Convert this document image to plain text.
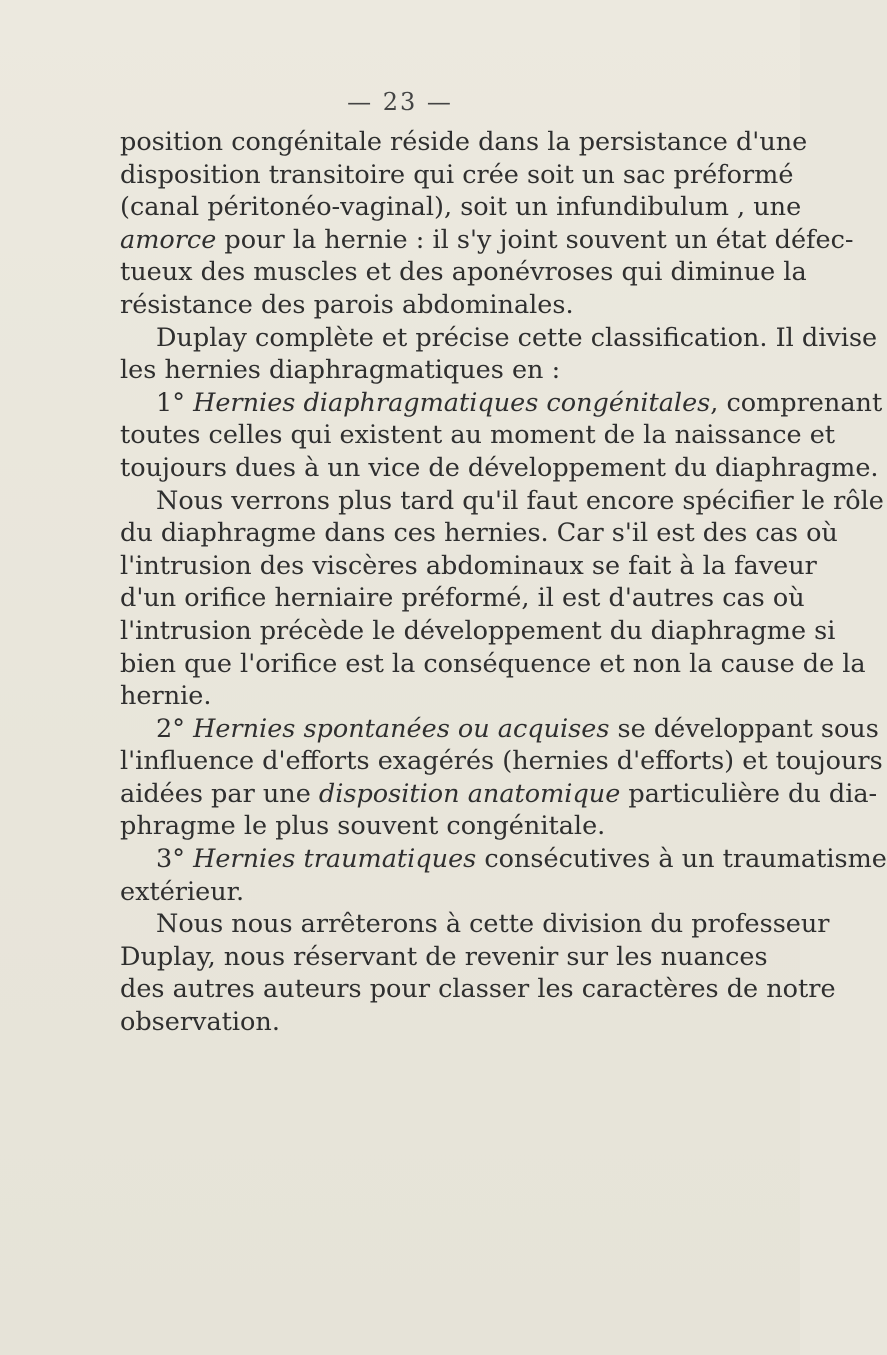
— 23 —
position congénitale réside dans la persistance d'une
disposition transitoire qui crée soit un sac préformé
(canal péritonéo-vaginal), soit un infundibulum , une
amorce pour la hernie : il s'y joint souvent un état défec-
tueux des muscles et des aponévroses qui diminue la
résistance des parois abdominales.
Duplay complète et précise cette classification. Il divise
les hernies diaphragmatiques en :
1° Hernies diaphragmatiques congénitales, comprenant
toutes celles qui existent au moment de la naissance et
toujours dues à un vice de développement du diaphragme.
Nous verrons plus tard qu'il faut encore spécifier le rôle
du diaphragme dans ces hernies. Car s'il est des cas où
l'intrusion des viscères abdominaux se fait à la faveur
d'un orifice herniaire préformé, il est d'autres cas où
l'intrusion précède le développement du diaphragme si
bien que l'orifice est la conséquence et non la cause de la
hernie.
2° Hernies spontanées ou acquises se développant sous
l'influence d'efforts exagérés (hernies d'efforts) et toujours
aidées par une disposition anatomique particulière du dia-
phragme le plus souvent congénitale.
3° Hernies traumatiques consécutives à un traumatisme
extérieur.
Nous nous arrêterons à cette division du professeur
Duplay, nous réservant de revenir sur les nuances
des autres auteurs pour classer les caractères de notre
observation.
